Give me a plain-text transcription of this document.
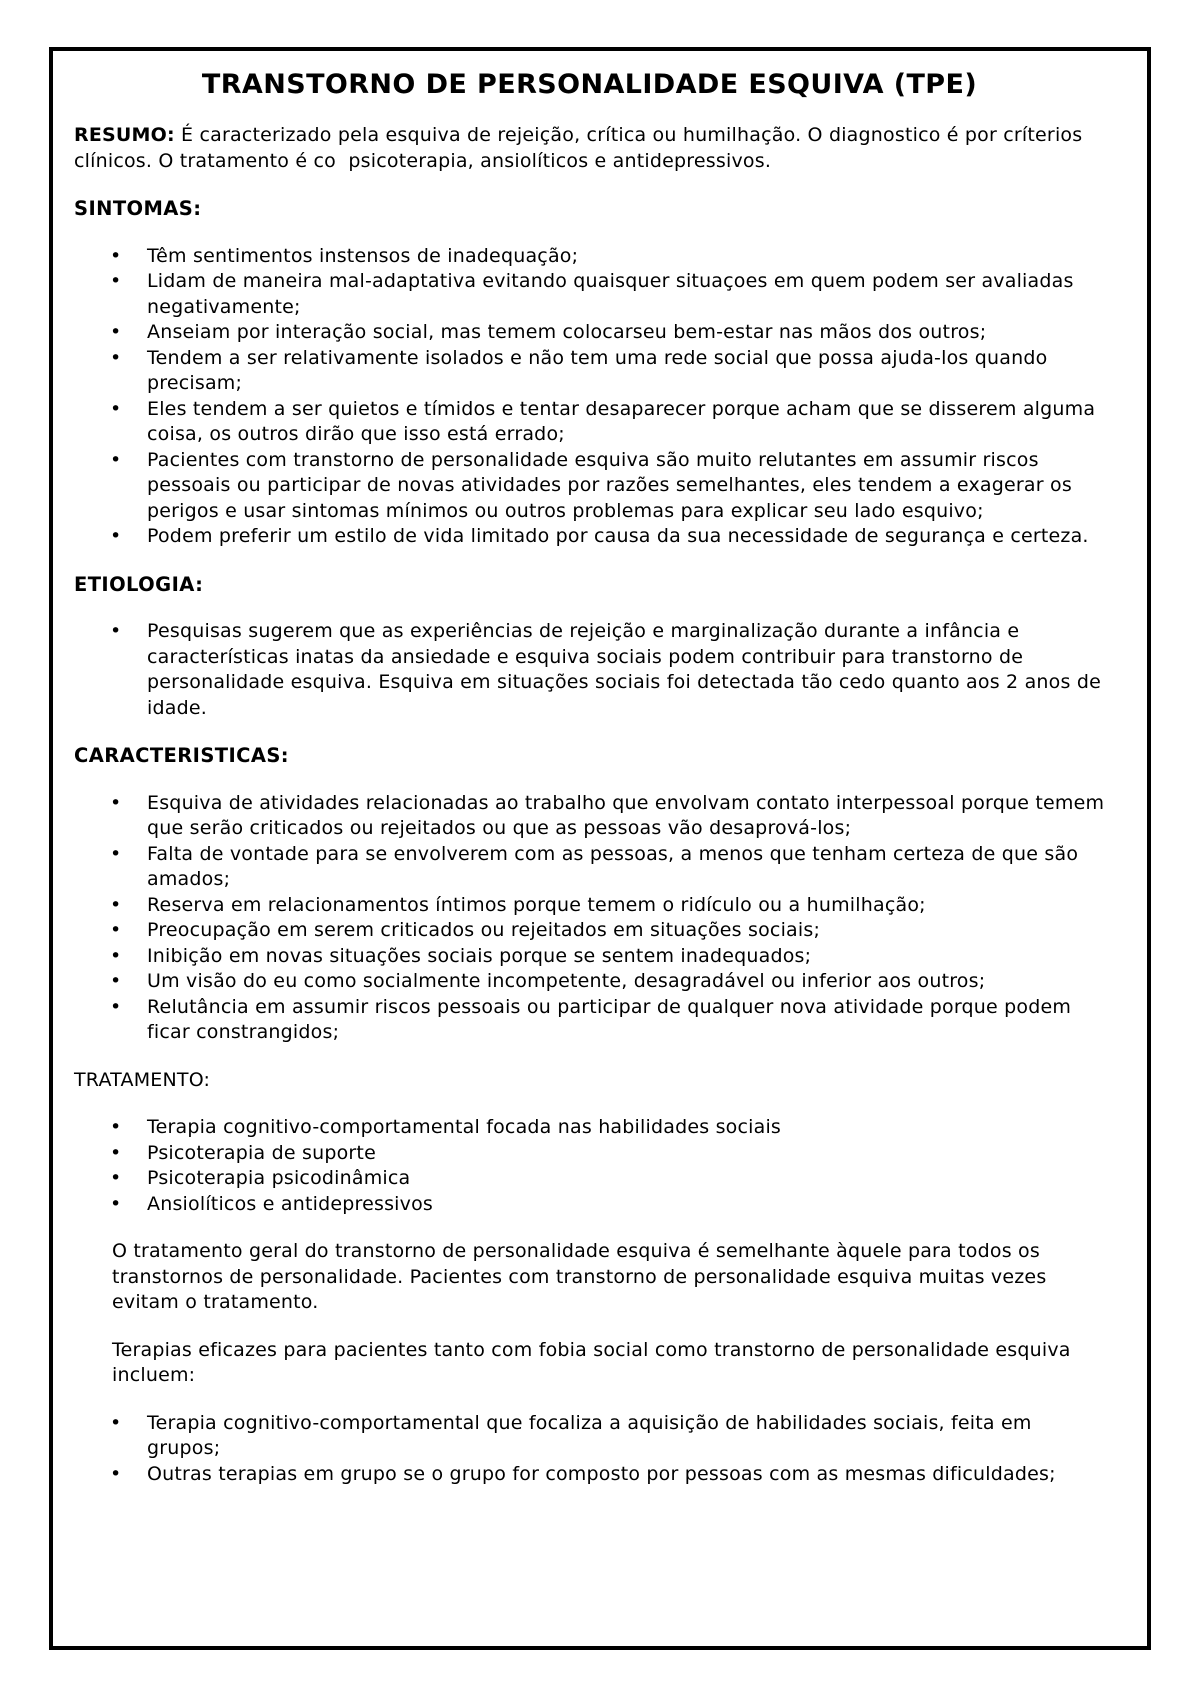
TRANSTORNO DE PERSONALIDADE ESQUIVA (TPE)

RESUMO: É caracterizado pela esquiva de rejeição, crítica ou humilhação. O diagnostico é por críterios clínicos. O tratamento é co  psicoterapia, ansiolíticos e antidepressivos.

SINTOMAS:
• Têm sentimentos instensos de inadequação;
• Lidam de maneira mal-adaptativa evitando quaisquer situaçoes em quem podem ser avaliadas negativamente;
• Anseiam por interação social, mas temem colocarseu bem-estar nas mãos dos outros;
• Tendem a ser relativamente isolados e não tem uma rede social que possa ajuda-los quando precisam;
• Eles tendem a ser quietos e tímidos e tentar desaparecer porque acham que se disserem alguma coisa, os outros dirão que isso está errado;
• Pacientes com transtorno de personalidade esquiva são muito relutantes em assumir riscos pessoais ou participar de novas atividades por razões semelhantes, eles tendem a exagerar os perigos e usar sintomas mínimos ou outros problemas para explicar seu lado esquivo;
• Podem preferir um estilo de vida limitado por causa da sua necessidade de segurança e certeza.
ETIOLOGIA:
• Pesquisas sugerem que as experiências de rejeição e marginalização durante a infância e características inatas da ansiedade e esquiva sociais podem contribuir para transtorno de personalidade esquiva. Esquiva em situações sociais foi detectada tão cedo quanto aos 2 anos de idade.
CARACTERISTICAS:
• Esquiva de atividades relacionadas ao trabalho que envolvam contato interpessoal porque temem que serão criticados ou rejeitados ou que as pessoas vão desaprová-los;
• Falta de vontade para se envolverem com as pessoas, a menos que tenham certeza de que são amados;
• Reserva em relacionamentos íntimos porque temem o ridículo ou a humilhação;
• Preocupação em serem criticados ou rejeitados em situações sociais;
• Inibição em novas situações sociais porque se sentem inadequados;
• Um visão do eu como socialmente incompetente, desagradável ou inferior aos outros;
• Relutância em assumir riscos pessoais ou participar de qualquer nova atividade porque podem ficar constrangidos;
TRATAMENTO:
• Terapia cognitivo-comportamental focada nas habilidades sociais
• Psicoterapia de suporte
• Psicoterapia psicodinâmica
• Ansiolíticos e antidepressivos

O tratamento geral do transtorno de personalidade esquiva é semelhante àquele para todos os transtornos de personalidade. Pacientes com transtorno de personalidade esquiva muitas vezes evitam o tratamento.

Terapias eficazes para pacientes tanto com fobia social como transtorno de personalidade esquiva incluem:

• Terapia cognitivo-comportamental que focaliza a aquisição de habilidades sociais, feita em grupos;
• Outras terapias em grupo se o grupo for composto por pessoas com as mesmas dificuldades;
